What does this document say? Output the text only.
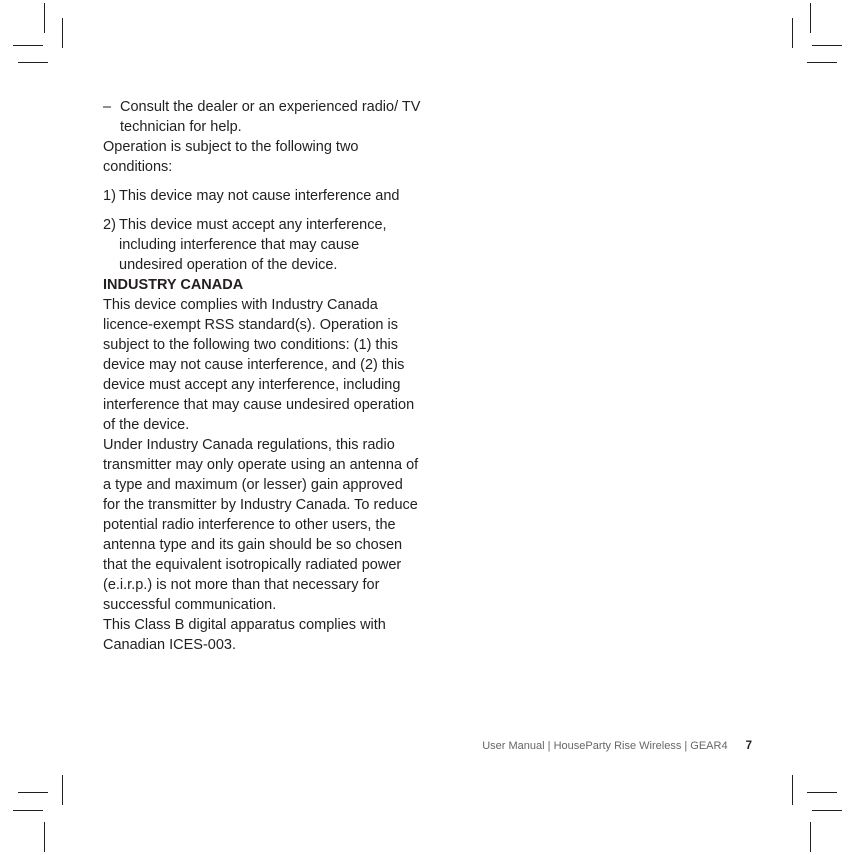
– Consult the dealer or an experienced radio/ TV technician for help.

Operation is subject to the following two conditions:

1) This device may not cause interference and
2) This device must accept any interference, including interference that may cause undesired operation of the device.

INDUSTRY CANADA

This device complies with Industry Canada licence-exempt RSS standard(s). Operation is subject to the following two conditions: (1) this device may not cause interference, and (2) this device must accept any interference, including interference that may cause undesired operation of the device.

Under Industry Canada regulations, this radio transmitter may only operate using an antenna of a type and maximum (or lesser) gain approved for the transmitter by Industry Canada. To reduce potential radio interference to other users, the antenna type and its gain should be so chosen that the equivalent isotropically radiated power (e.i.r.p.) is not more than that necessary for successful communication.

This Class B digital apparatus complies with Canadian ICES-003.

User Manual | HouseParty Rise Wireless | GEAR4 7
